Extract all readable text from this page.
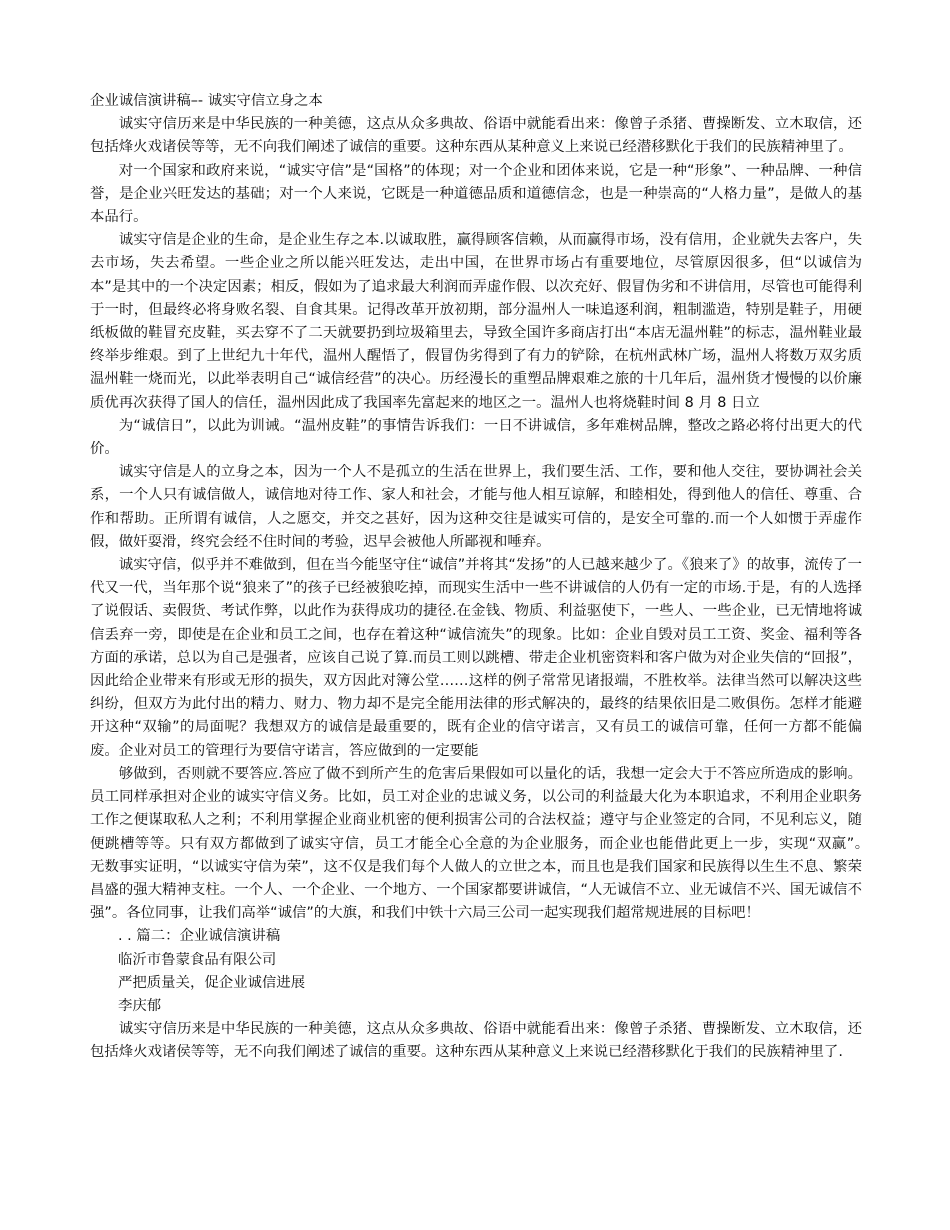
企业诚信演讲稿–- 诚实守信立身之本

诚实守信历来是中华民族的一种美德，这点从众多典故、俗语中就能看出来：像曾子杀猪、曹操断发、立木取信，还包括烽火戏诸侯等等，无不向我们阐述了诚信的重要。这种东西从某种意义上来说已经潜移默化于我们的民族精神里了。

对一个国家和政府来说，“诚实守信”是“国格”的体现；对一个企业和团体来说，它是一种“形象”、一种品牌、一种信誉，是企业兴旺发达的基础；对一个人来说，它既是一种道德品质和道德信念，也是一种崇高的“人格力量”，是做人的基本品行。

诚实守信是企业的生命，是企业生存之本.以诚取胜，赢得顾客信赖，从而赢得市场，没有信用，企业就失去客户，失去市场，失去希望。一些企业之所以能兴旺发达，走出中国，在世界市场占有重要地位，尽管原因很多，但“以诚信为本”是其中的一个决定因素；相反，假如为了追求最大利润而弄虚作假、以次充好、假冒伪劣和不讲信用，尽管也可能得利于一时，但最终必将身败名裂、自食其果。记得改革开放初期，部分温州人一味追逐利润，粗制滥造，特别是鞋子，用硬纸板做的鞋冒充皮鞋，买去穿不了二天就要扔到垃圾箱里去，导致全国许多商店打出“本店无温州鞋”的标志，温州鞋业最终举步维艰。到了上世纪九十年代，温州人醒悟了，假冒伪劣得到了有力的铲除，在杭州武林广场，温州人将数万双劣质温州鞋一烧而光，以此举表明自己“诚信经营”的决心。历经漫长的重塑品牌艰难之旅的十几年后，温州货才慢慢的以价廉质优再次获得了国人的信任，温州因此成了我国率先富起来的地区之一。温州人也将烧鞋时间 8 月 8 日立

为“诚信日”，以此为训诫。“温州皮鞋”的事情告诉我们：一日不讲诚信，多年难树品牌，整改之路必将付出更大的代价。

诚实守信是人的立身之本，因为一个人不是孤立的生活在世界上，我们要生活、工作，要和他人交往，要协调社会关系，一个人只有诚信做人，诚信地对待工作、家人和社会，才能与他人相互谅解，和睦相处，得到他人的信任、尊重、合作和帮助。正所谓有诚信，人之愿交，并交之甚好，因为这种交往是诚实可信的，是安全可靠的.而一个人如惯于弄虚作假，做奸耍滑，终究会经不住时间的考验，迟早会被他人所鄙视和唾弃。

诚实守信，似乎并不难做到，但在当今能坚守住“诚信”并将其“发扬”的人已越来越少了。《狼来了》的故事，流传了一代又一代，当年那个说“狼来了”的孩子已经被狼吃掉，而现实生活中一些不讲诚信的人仍有一定的市场.于是，有的人选择了说假话、卖假货、考试作弊，以此作为获得成功的捷径.在金钱、物质、利益驱使下，一些人、一些企业，已无情地将诚信丢弃一旁，即使是在企业和员工之间，也存在着这种“诚信流失”的现象。比如：企业自毁对员工工资、奖金、福利等各方面的承诺，总以为自己是强者，应该自己说了算.而员工则以跳槽、带走企业机密资料和客户做为对企业失信的“回报”，因此给企业带来有形或无形的损失，双方因此对簿公堂……这样的例子常常见诸报端，不胜枚举。法律当然可以解决这些纠纷，但双方为此付出的精力、财力、物力却不是完全能用法律的形式解决的，最终的结果依旧是二败俱伤。怎样才能避开这种“双输”的局面呢？我想双方的诚信是最重要的，既有企业的信守诺言，又有员工的诚信可靠，任何一方都不能偏废。企业对员工的管理行为要信守诺言，答应做到的一定要能

够做到，否则就不要答应.答应了做不到所产生的危害后果假如可以量化的话，我想一定会大于不答应所造成的影响。员工同样承担对企业的诚实守信义务。比如，员工对企业的忠诚义务，以公司的利益最大化为本职追求，不利用企业职务工作之便谋取私人之利；不利用掌握企业商业机密的便利损害公司的合法权益；遵守与企业签定的合同，不见利忘义，随便跳槽等等。只有双方都做到了诚实守信，员工才能全心全意的为企业服务，而企业也能借此更上一步，实现“双赢”。　　无数事实证明，“以诚实守信为荣”，这不仅是我们每个人做人的立世之本，而且也是我们国家和民族得以生生不息、繁荣昌盛的强大精神支柱。一个人、一个企业、一个地方、一个国家都要讲诚信，“人无诚信不立、业无诚信不兴、国无诚信不强”。各位同事，让我们高举“诚信”的大旗，和我们中铁十六局三公司一起实现我们超常规进展的目标吧！

. . 篇二：企业诚信演讲稿

临沂市鲁蒙食品有限公司

严把质量关，促企业诚信进展

李庆郁

诚实守信历来是中华民族的一种美德，这点从众多典故、俗语中就能看出来：像曾子杀猪、曹操断发、立木取信，还包括烽火戏诸侯等等，无不向我们阐述了诚信的重要。这种东西从某种意义上来说已经潜移默化于我们的民族精神里了.
